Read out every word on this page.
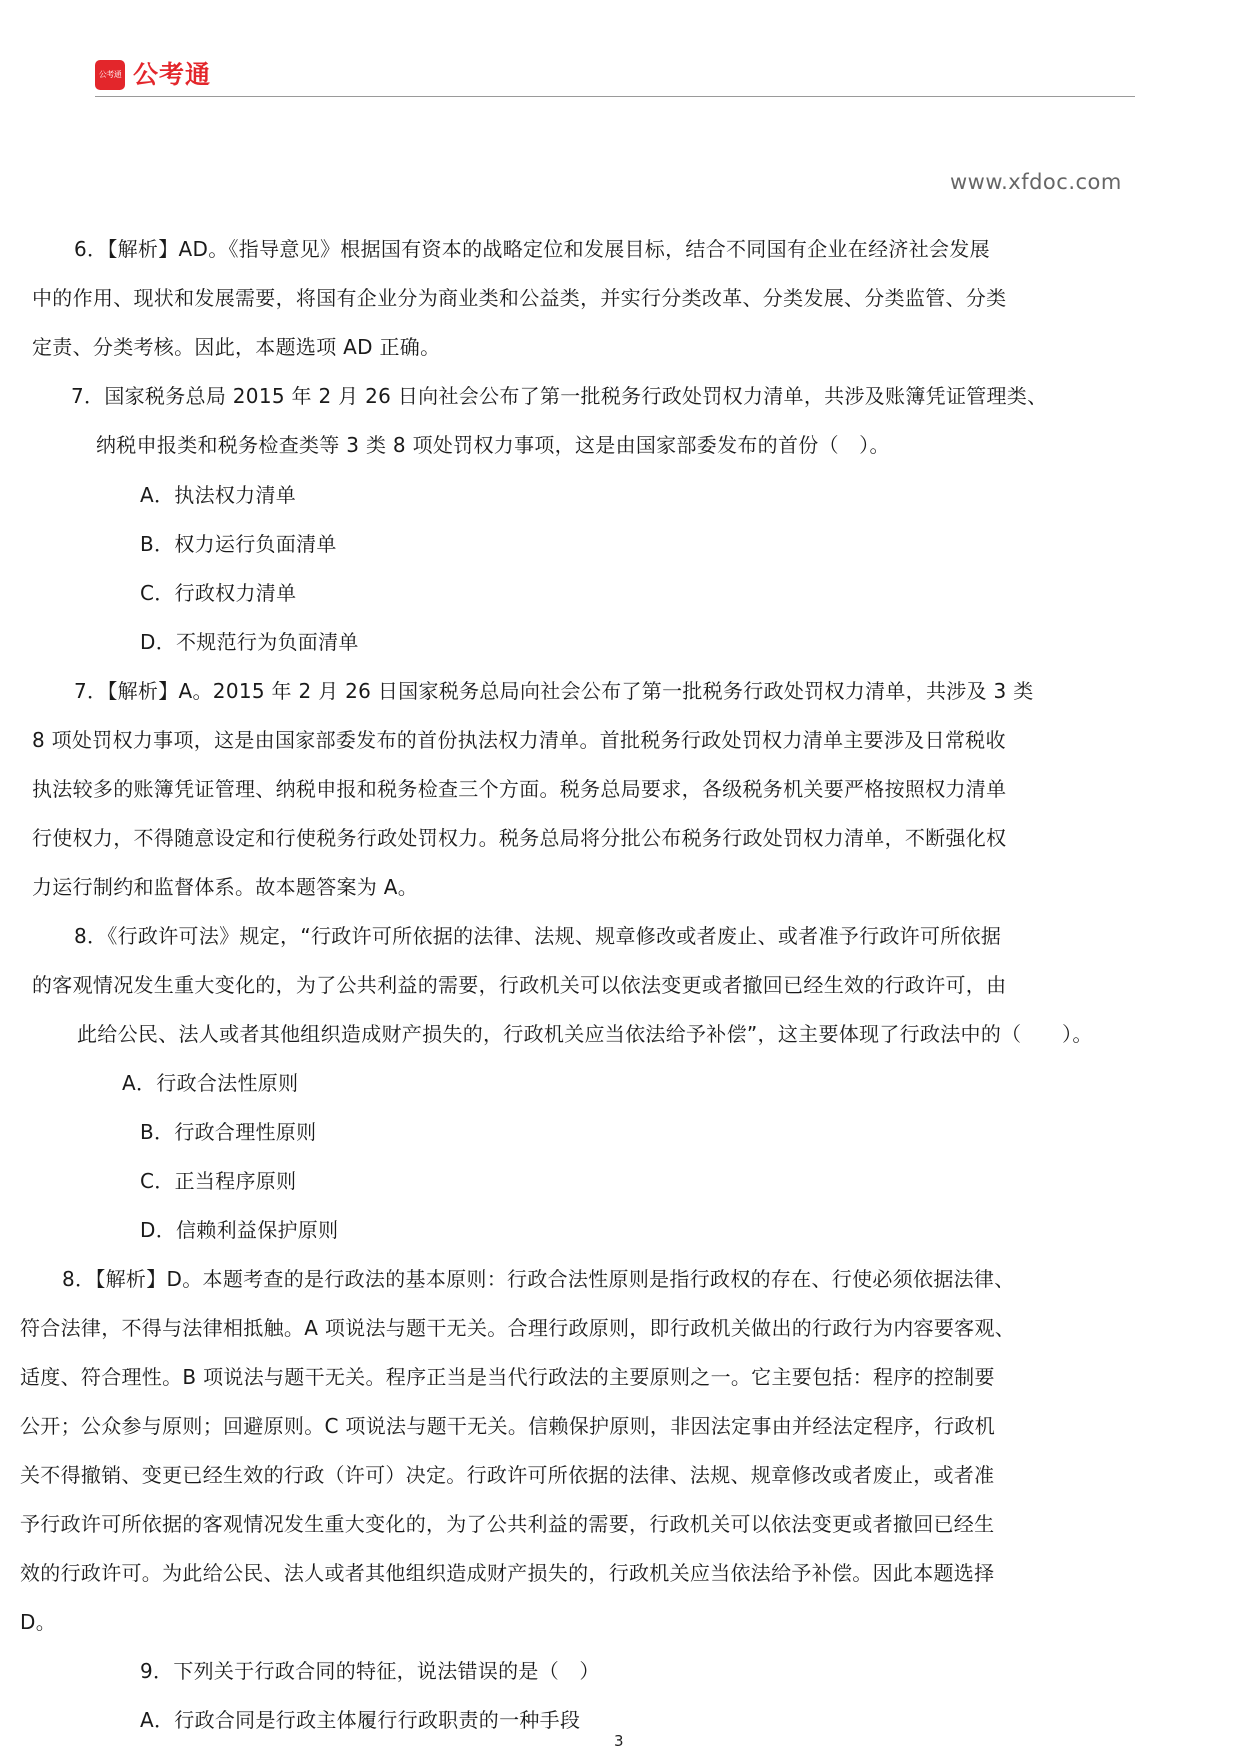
公考通 公考通
www.xfdoc.com
6．【解析】AD。《指导意见》根据国有资本的战略定位和发展目标，结合不同国有企业在经济社会发展
中的作用、现状和发展需要，将国有企业分为商业类和公益类，并实行分类改革、分类发展、分类监管、分类
定责、分类考核。因此，本题选项 AD 正确。
7．国家税务总局 2015 年 2 月 26 日向社会公布了第一批税务行政处罚权力清单，共涉及账簿凭证管理类、
纳税申报类和税务检查类等 3 类 8 项处罚权力事项，这是由国家部委发布的首份（　）。
A．执法权力清单
B．权力运行负面清单
C．行政权力清单
D．不规范行为负面清单
7．【解析】A。2015 年 2 月 26 日国家税务总局向社会公布了第一批税务行政处罚权力清单，共涉及 3 类
8 项处罚权力事项，这是由国家部委发布的首份执法权力清单。首批税务行政处罚权力清单主要涉及日常税收
执法较多的账簿凭证管理、纳税申报和税务检查三个方面。税务总局要求，各级税务机关要严格按照权力清单
行使权力，不得随意设定和行使税务行政处罚权力。税务总局将分批公布税务行政处罚权力清单，不断强化权
力运行制约和监督体系。故本题答案为 A。
8．《行政许可法》规定，“行政许可所依据的法律、法规、规章修改或者废止、或者准予行政许可所依据
的客观情况发生重大变化的，为了公共利益的需要，行政机关可以依法变更或者撤回已经生效的行政许可，由
此给公民、法人或者其他组织造成财产损失的，行政机关应当依法给予补偿”，这主要体现了行政法中的（　　）。
A．行政合法性原则
B．行政合理性原则
C．正当程序原则
D．信赖利益保护原则
8．【解析】D。本题考查的是行政法的基本原则：行政合法性原则是指行政权的存在、行使必须依据法律、
符合法律，不得与法律相抵触。A 项说法与题干无关。合理行政原则，即行政机关做出的行政行为内容要客观、
适度、符合理性。B 项说法与题干无关。程序正当是当代行政法的主要原则之一。它主要包括：程序的控制要
公开；公众参与原则；回避原则。C 项说法与题干无关。信赖保护原则，非因法定事由并经法定程序，行政机
关不得撤销、变更已经生效的行政（许可）决定。行政许可所依据的法律、法规、规章修改或者废止，或者准
予行政许可所依据的客观情况发生重大变化的，为了公共利益的需要，行政机关可以依法变更或者撤回已经生
效的行政许可。为此给公民、法人或者其他组织造成财产损失的，行政机关应当依法给予补偿。因此本题选择
D。
9．下列关于行政合同的特征，说法错误的是（　）
A．行政合同是行政主体履行行政职责的一种手段
3
